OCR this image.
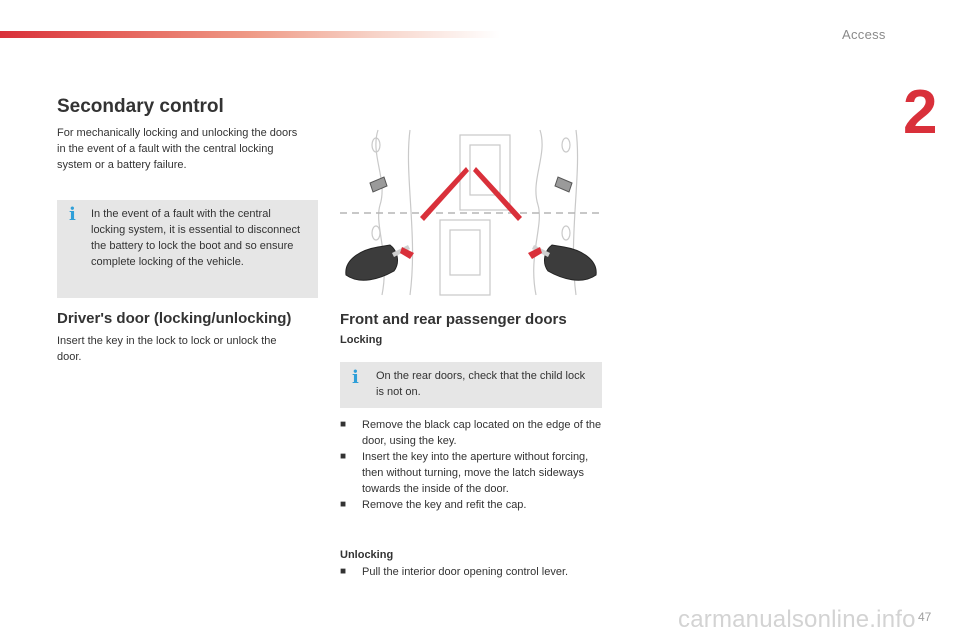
Access
2
Secondary control

For mechanically locking and unlocking the doors in the event of a fault with the central locking system or a battery failure.

i In the event of a fault with the central locking system, it is essential to disconnect the battery to lock the boot and so ensure complete locking of the vehicle.

Driver's door (locking/unlocking)

Insert the key in the lock to lock or unlock the door.

Front and rear passenger doors
Locking
i On the rear doors, check that the child lock is not on.

■ Remove the black cap located on the edge of the door, using the key.
■ Insert the key into the aperture without forcing, then without turning, move the latch sideways towards the inside of the door.
■ Remove the key and refit the cap.
Unlocking
■ Pull the interior door opening control lever.
carmanualsonline.info 47
